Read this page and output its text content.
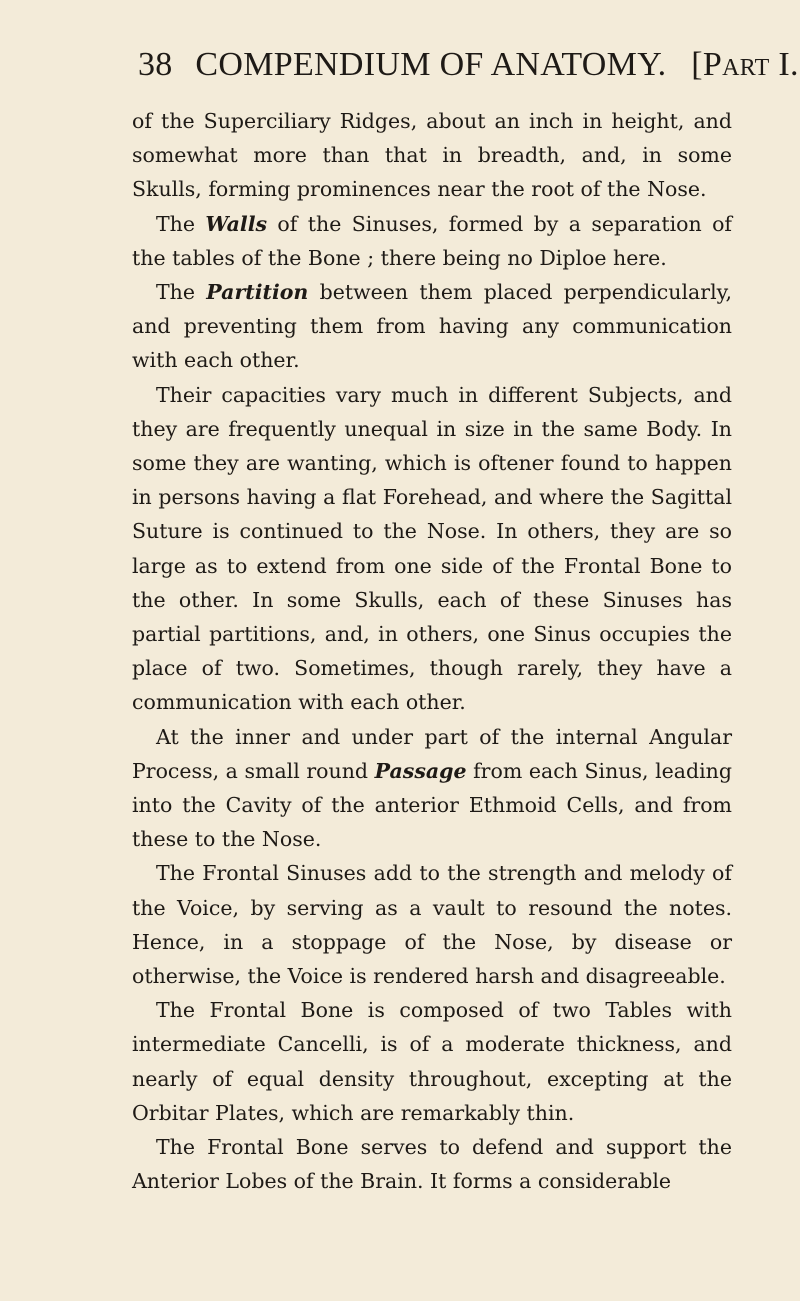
38 COMPENDIUM OF ANATOMY. [Part I.

of the Superciliary Ridges, about an inch in height, and somewhat more than that in breadth, and, in some Skulls, forming prominences near the root of the Nose.

The Walls of the Sinuses, formed by a separation of the tables of the Bone ; there being no Diploe here.

The Partition between them placed perpendicularly, and preventing them from having any communication with each other.

Their capacities vary much in different Subjects, and they are frequently unequal in size in the same Body. In some they are wanting, which is oftener found to happen in persons having a flat Forehead, and where the Sagittal Suture is continued to the Nose. In others, they are so large as to extend from one side of the Frontal Bone to the other. In some Skulls, each of these Sinuses has partial partitions, and, in others, one Sinus occupies the place of two. Sometimes, though rarely, they have a communication with each other.

At the inner and under part of the internal Angular Process, a small round Passage from each Sinus, leading into the Cavity of the anterior Ethmoid Cells, and from these to the Nose.

The Frontal Sinuses add to the strength and melody of the Voice, by serving as a vault to resound the notes. Hence, in a stoppage of the Nose, by disease or otherwise, the Voice is rendered harsh and disagreeable.

The Frontal Bone is composed of two Tables with intermediate Cancelli, is of a moderate thickness, and nearly of equal density throughout, excepting at the Orbitar Plates, which are remarkably thin.

The Frontal Bone serves to defend and support the Anterior Lobes of the Brain. It forms a considerable
